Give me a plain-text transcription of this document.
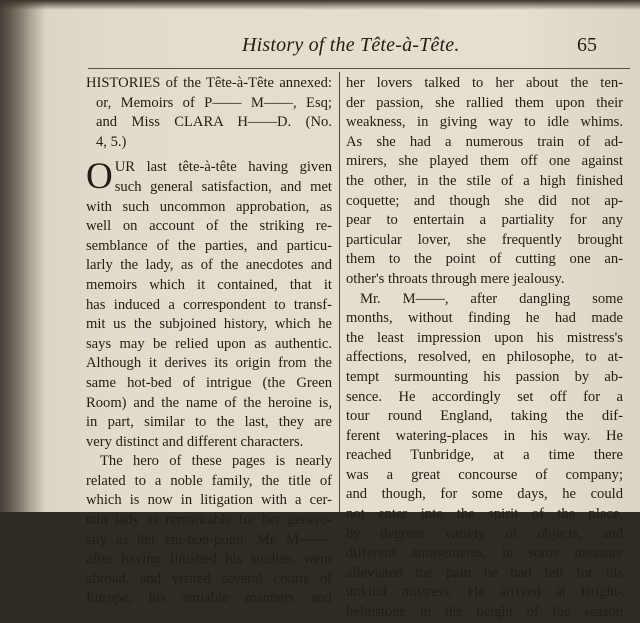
History of the Tête-à-Tête.	65
HISTORIES of the Tête-à-Tête annexed:
or, Memoirs of P—— M——, Esq;
and Miss CLARA H——D. (No.
4, 5.)
O UR last tête-à-tête having given
such general satisfaction, and met
with such uncommon approbation, as
well on account of the striking re-
semblance of the parties, and particu-
larly the lady, as of the anecdotes and
memoirs which it contained, that it
has induced a correspondent to transf-
mit us the subjoined history, which he
says may be relied upon as authentic.
Although it derives its origin from the
same hot-bed of intrigue (the Green
Room) and the name of the heroine is,
in part, similar to the last, they are
very distinct and different characters.
The hero of these pages is nearly
related to a noble family, the title of
which is now in litigation with a cer-
tain lady as remarkable for her genero-
sity as her em-bon-point. Mr. M——,
after having finished his studies, went
abroad, and visited several courts of
Europe; his amiable manners and
her lovers talked to her about the ten-
der passion, she rallied them upon their
weakness, in giving way to idle whims.
As she had a numerous train of ad-
mirers, she played them off one against
the other, in the stile of a high finished
coquette; and though she did not ap-
pear to entertain a partiality for any
particular lover, she frequently brought
them to the point of cutting one an-
other's throats through mere jealousy.
Mr. M——, after dangling some
months, without finding he had made
the least impression upon his mistress's
affections, resolved, en philosophe, to at-
tempt surmounting his passion by ab-
sence. He accordingly set off for a
tour round England, taking the dif-
ferent watering-places in his way. He
reached Tunbridge, at a time there
was a great concourse of company;
and though, for some days, he could
not enter into the spirit of the place,
by degrees variety of objects, and
different amusements, in some measure
alleviated the pain he had felt for his
unkind mistress. He arrived at Bright-
helmstone in the height of the season
